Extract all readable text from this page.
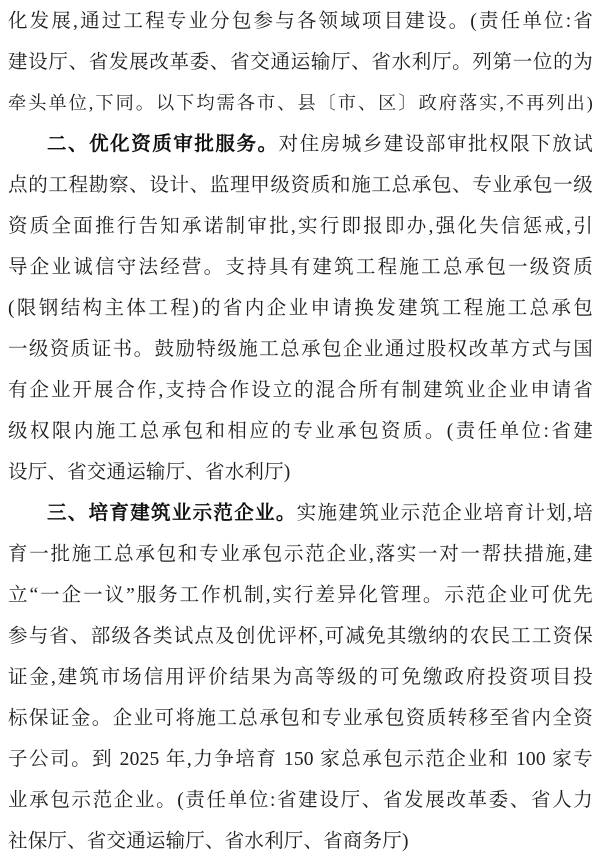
化发展,通过工程专业分包参与各领域项目建设。(责任单位:省
建设厅、省发展改革委、省交通运输厅、省水利厅。列第一位的为
牵头单位,下同。以下均需各市、县〔市、区〕政府落实,不再列出)
二、优化资质审批服务。对住房城乡建设部审批权限下放试
点的工程勘察、设计、监理甲级资质和施工总承包、专业承包一级
资质全面推行告知承诺制审批,实行即报即办,强化失信惩戒,引
导企业诚信守法经营。支持具有建筑工程施工总承包一级资质
(限钢结构主体工程)的省内企业申请换发建筑工程施工总承包
一级资质证书。鼓励特级施工总承包企业通过股权改革方式与国
有企业开展合作,支持合作设立的混合所有制建筑业企业申请省
级权限内施工总承包和相应的专业承包资质。(责任单位:省建
设厅、省交通运输厅、省水利厅)
三、培育建筑业示范企业。实施建筑业示范企业培育计划,培
育一批施工总承包和专业承包示范企业,落实一对一帮扶措施,建
立“一企一议”服务工作机制,实行差异化管理。示范企业可优先
参与省、部级各类试点及创优评杯,可减免其缴纳的农民工工资保
证金,建筑市场信用评价结果为高等级的可免缴政府投资项目投
标保证金。企业可将施工总承包和专业承包资质转移至省内全资
子公司。到 2025 年,力争培育 150 家总承包示范企业和 100 家专
业承包示范企业。(责任单位:省建设厅、省发展改革委、省人力
社保厅、省交通运输厅、省水利厅、省商务厅)
